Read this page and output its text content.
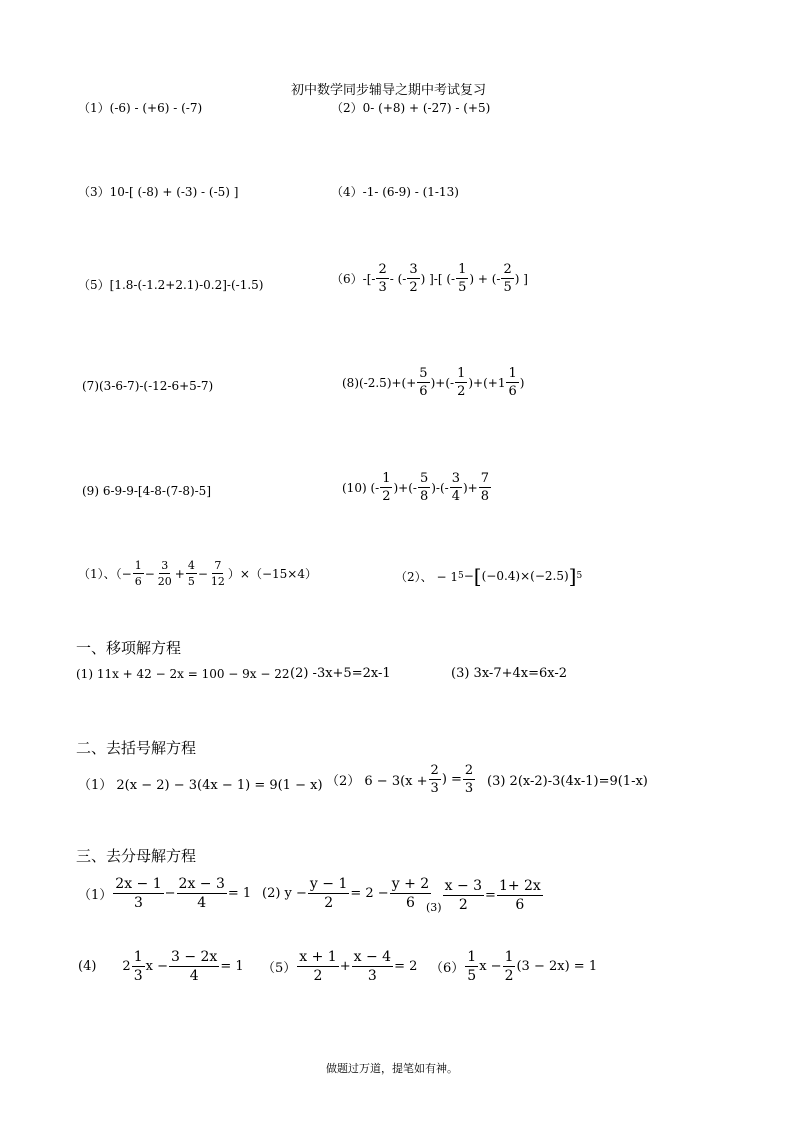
初中数学同步辅导之期中考试复习
（1）(-6) - (+6) - (-7)	（2）0- (+8) + (-27) - (+5)
（3）10-[ (-8) + (-3) - (-5) ]	（4）-1- (6-9) - (1-13)
（5）[1.8-(-1.2+2.1)-0.2]-(-1.5)	$(6)-[- \frac{2}{3}$ - (- $\frac{3}{2}$ ) ]-[ (- $\frac{1}{5}$ ) + (- $\frac{2}{5}$ ) ]
(7)(3-6-7)-(-12-6+5-7)	$(8)(-2.5)+(+ \frac{5}{6}$ )+(- $\frac{1}{2} )+(+1 \frac{1}{6}$ )
(9) 6-9-9-[4-8-(7-8)-5]	(10) (- $\frac{1}{2}$ )+(- $\frac{5}{8}$ )-(- $\frac{3}{4}$ )+ $\frac{7}{8}$
（1）、（− $\frac{1}{6} - \frac{3}{20} + \frac{4}{5} - \frac{7}{12} )\times(-15\times 4)$	（2）、 − 1 5 − [ (−0.4)×(−2.5) ] 5
一、移项解方程
(1) 11x + 42 − 2x = 100 − 9x − 22 (2) -3x+5=2x-1	(3) 3x-7+4x=6x-2
二、去括号解方程
（1） 2(x − 2) − 3(4x − 1) = 9(1 − x) （2） $6 - 3(x + \frac{2}{3}$ ) = $\frac{2}{3} (3)$ 2(x-2)-3(4x-1)=9(1-x)
三、去分母解方程
$(1) \frac{2x - 1}{3} - \frac{2x - 3}{4} = 1$ (2) $y - \frac{y - 1}{2} = 2 - \frac{y + 2}{6}$
$(3) \frac{x - 3}{2} = \frac{1+ 2x}{6}$
(4) $2 \frac{1}{3}$ $x - \frac{3 - 2x}{4} = 1$ $(5) \frac{x + 1}{2} + \frac{x - 4}{3} = 2$ $(6) \frac{1}{5}$ $x - \frac{1}{2} (3 - 2x) = 1$
做题过万道，提笔如有神。
